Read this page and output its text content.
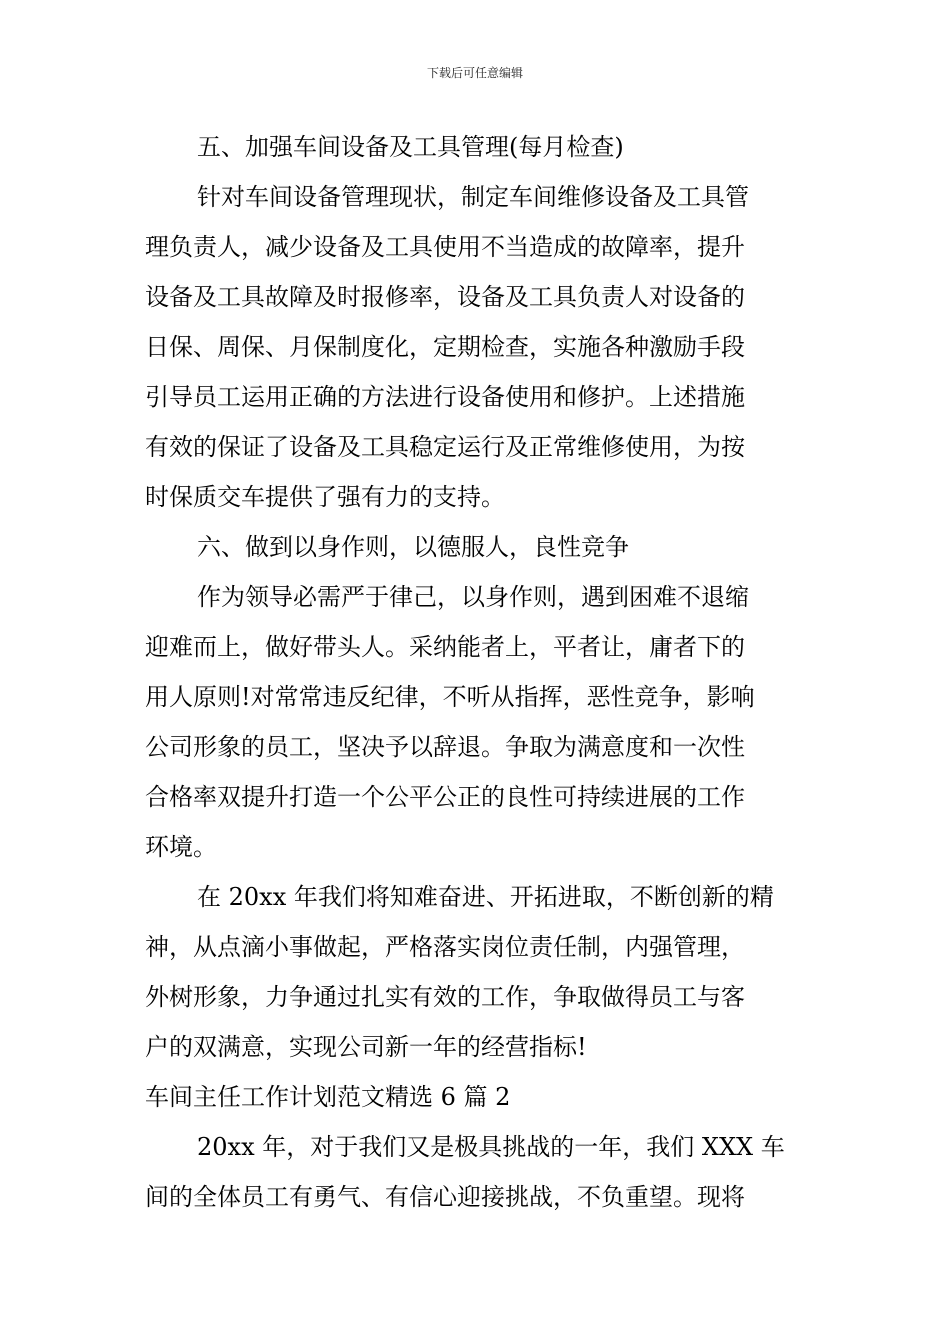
下载后可任意编辑
五、加强车间设备及工具管理(每月检查)
针对车间设备管理现状，制定车间维修设备及工具管
理负责人，减少设备及工具使用不当造成的故障率，提升
设备及工具故障及时报修率，设备及工具负责人对设备的
日保、周保、月保制度化，定期检查，实施各种激励手段
引导员工运用正确的方法进行设备使用和修护。上述措施
有效的保证了设备及工具稳定运行及正常维修使用，为按
时保质交车提供了强有力的支持。
六、做到以身作则，以德服人，良性竞争
作为领导必需严于律己，以身作则，遇到困难不退缩
迎难而上，做好带头人。采纳能者上，平者让，庸者下的
用人原则!对常常违反纪律，不听从指挥，恶性竞争，影响
公司形象的员工，坚决予以辞退。争取为满意度和一次性
合格率双提升打造一个公平公正的良性可持续进展的工作
环境。
在 20xx 年我们将知难奋进、开拓进取，不断创新的精
神，从点滴小事做起，严格落实岗位责任制，内强管理，
外树形象，力争通过扎实有效的工作，争取做得员工与客
户的双满意，实现公司新一年的经营指标!
车间主任工作计划范文精选 6 篇 2
20xx 年，对于我们又是极具挑战的一年，我们 XXX 车
间的全体员工有勇气、有信心迎接挑战，不负重望。现将
